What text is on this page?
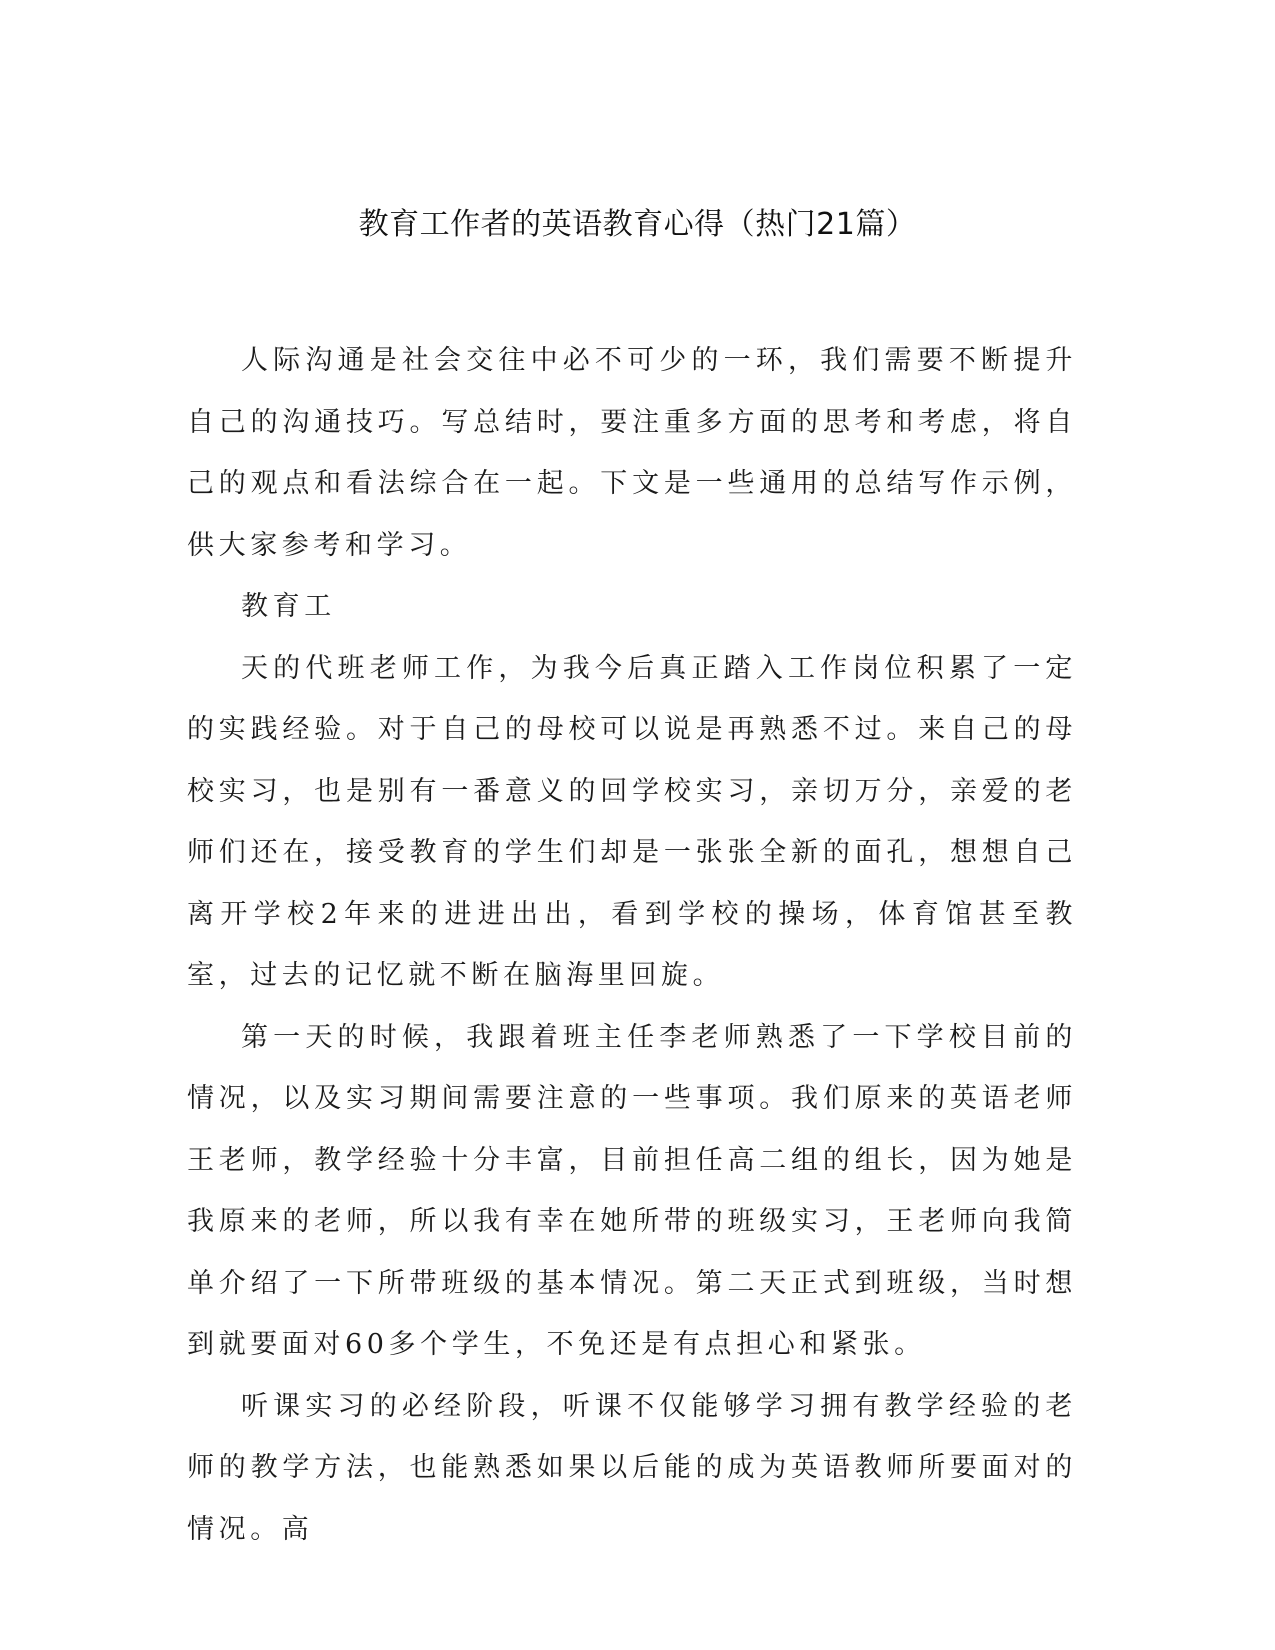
教育工作者的英语教育心得（热门21篇）

人际沟通是社会交往中必不可少的一环，我们需要不断提升自己的沟通技巧。写总结时，要注重多方面的思考和考虑，将自己的观点和看法综合在一起。下文是一些通用的总结写作示例，供大家参考和学习。

教育工

天的代班老师工作，为我今后真正踏入工作岗位积累了一定的实践经验。对于自己的母校可以说是再熟悉不过。来自己的母校实习，也是别有一番意义的回学校实习，亲切万分，亲爱的老师们还在，接受教育的学生们却是一张张全新的面孔，想想自己离开学校2年来的进进出出，看到学校的操场，体育馆甚至教室，过去的记忆就不断在脑海里回旋。

第一天的时候，我跟着班主任李老师熟悉了一下学校目前的情况，以及实习期间需要注意的一些事项。我们原来的英语老师王老师，教学经验十分丰富，目前担任高二组的组长，因为她是我原来的老师，所以我有幸在她所带的班级实习，王老师向我简单介绍了一下所带班级的基本情况。第二天正式到班级，当时想到就要面对60多个学生，不免还是有点担心和紧张。

听课实习的必经阶段，听课不仅能够学习拥有教学经验的老师的教学方法，也能熟悉如果以后能的成为英语教师所要面对的情况。高
